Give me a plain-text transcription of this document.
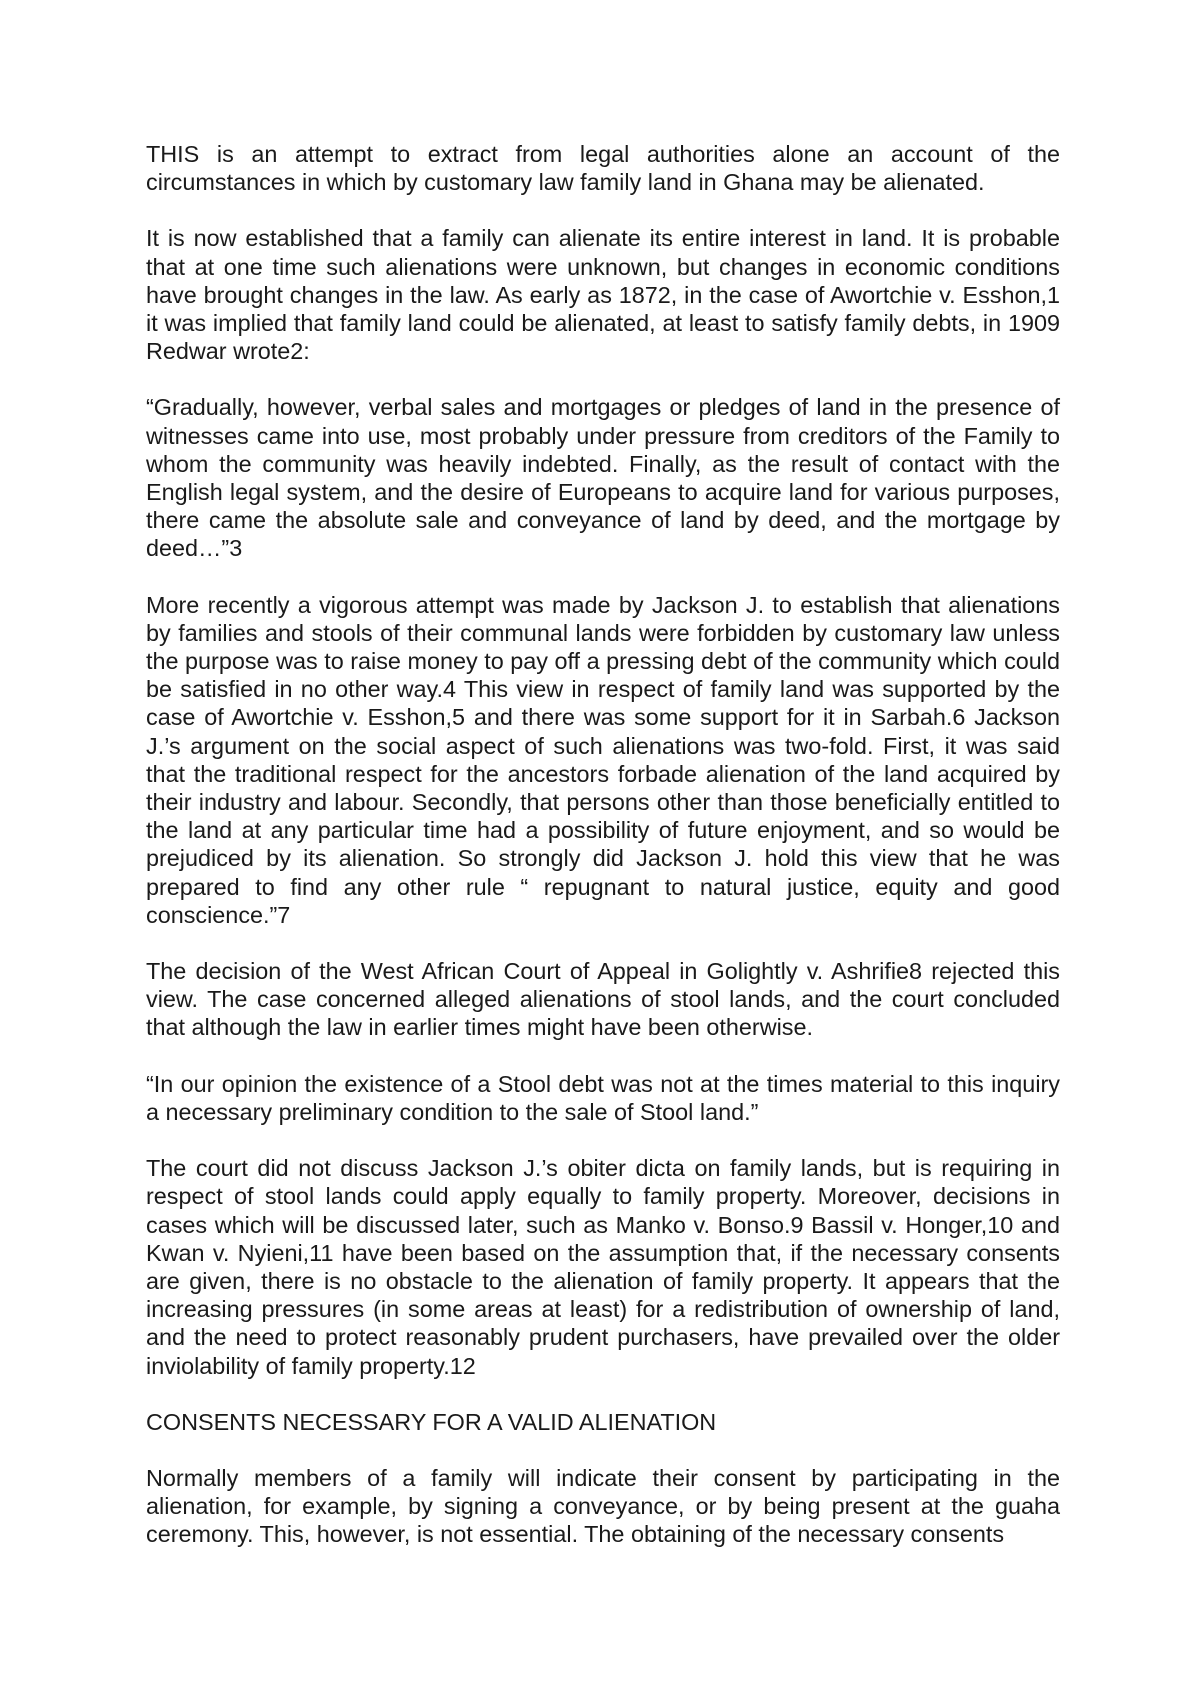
THIS is an attempt to extract from legal authorities alone an account of the circumstances in which by customary law family land in Ghana may be alienated.

It is now established that a family can alienate its entire interest in land. It is probable that at one time such alienations were unknown, but changes in economic conditions have brought changes in the law. As early as 1872, in the case of Awortchie v. Esshon,1 it was implied that family land could be alienated, at least to satisfy family debts, in 1909 Redwar wrote2:

“Gradually, however, verbal sales and mortgages or pledges of land in the presence of witnesses came into use, most probably under pressure from creditors of the Family to whom the community was heavily indebted. Finally, as the result of contact with the English legal system, and the desire of Europeans to acquire land for various purposes, there came the absolute sale and conveyance of land by deed, and the mortgage by deed…”3

More recently a vigorous attempt was made by Jackson J. to establish that alienations by families and stools of their communal lands were forbidden by customary law unless the purpose was to raise money to pay off a pressing debt of the community which could be satisfied in no other way.4 This view in respect of family land was supported by the case of Awortchie v. Esshon,5 and there was some support for it in Sarbah.6 Jackson J.’s argument on the social aspect of such alienations was two-fold. First, it was said that the traditional respect for the ancestors forbade alienation of the land acquired by their industry and labour. Secondly, that persons other than those beneficially entitled to the land at any particular time had a possibility of future enjoyment, and so would be prejudiced by its alienation. So strongly did Jackson J. hold this view that he was prepared to find any other rule “ repugnant to natural justice, equity and good conscience.”7

The decision of the West African Court of Appeal in Golightly v. Ashrifie8 rejected this view. The case concerned alleged alienations of stool lands, and the court concluded that although the law in earlier times might have been otherwise.

“In our opinion the existence of a Stool debt was not at the times material to this inquiry a necessary preliminary condition to the sale of Stool land.”

The court did not discuss Jackson J.’s obiter dicta on family lands, but is requiring in respect of stool lands could apply equally to family property. Moreover, decisions in cases which will be discussed later, such as Manko v. Bonso.9 Bassil v. Honger,10 and Kwan v. Nyieni,11 have been based on the assumption that, if the necessary consents are given, there is no obstacle to the alienation of family property. It appears that the increasing pressures (in some areas at least) for a redistribution of ownership of land, and the need to protect reasonably prudent purchasers, have prevailed over the older inviolability of family property.12

CONSENTS NECESSARY FOR A VALID ALIENATION

Normally members of a family will indicate their consent by participating in the alienation, for example, by signing a conveyance, or by being present at the guaha ceremony. This, however, is not essential. The obtaining of the necessary consents
